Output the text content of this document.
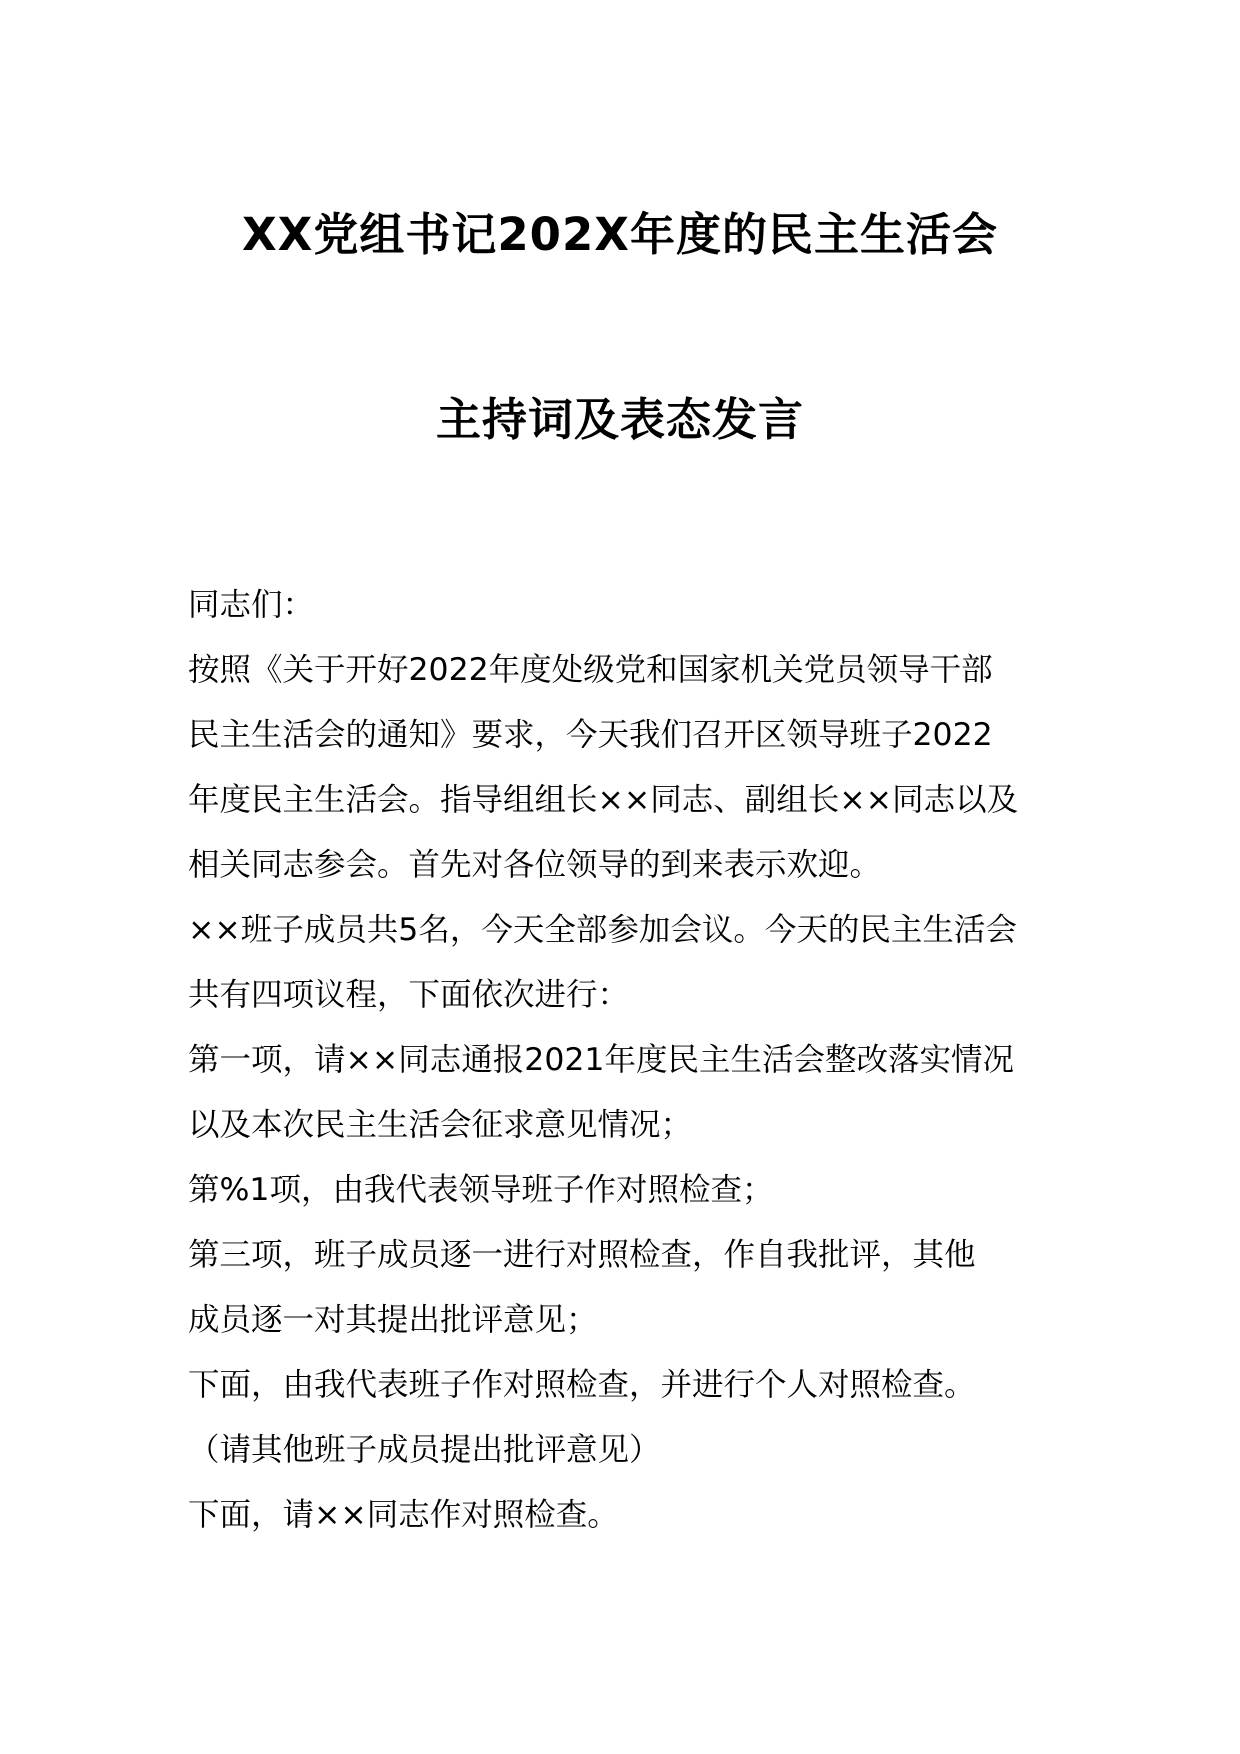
XX党组书记202X年度的民主生活会
主持词及表态发言
同志们：
按照《关于开好2022年度处级党和国家机关党员领导干部
民主生活会的通知》要求，今天我们召开区领导班子2022
年度民主生活会。指导组组长××同志、副组长××同志以及
相关同志参会。首先对各位领导的到来表示欢迎。
××班子成员共5名，今天全部参加会议。今天的民主生活会
共有四项议程，下面依次进行：
第一项，请××同志通报2021年度民主生活会整改落实情况
以及本次民主生活会征求意见情况；
第%1项，由我代表领导班子作对照检查；
第三项，班子成员逐一进行对照检查，作自我批评，其他
成员逐一对其提出批评意见；
下面，由我代表班子作对照检查，并进行个人对照检查。
（请其他班子成员提出批评意见）
下面，请××同志作对照检查。
